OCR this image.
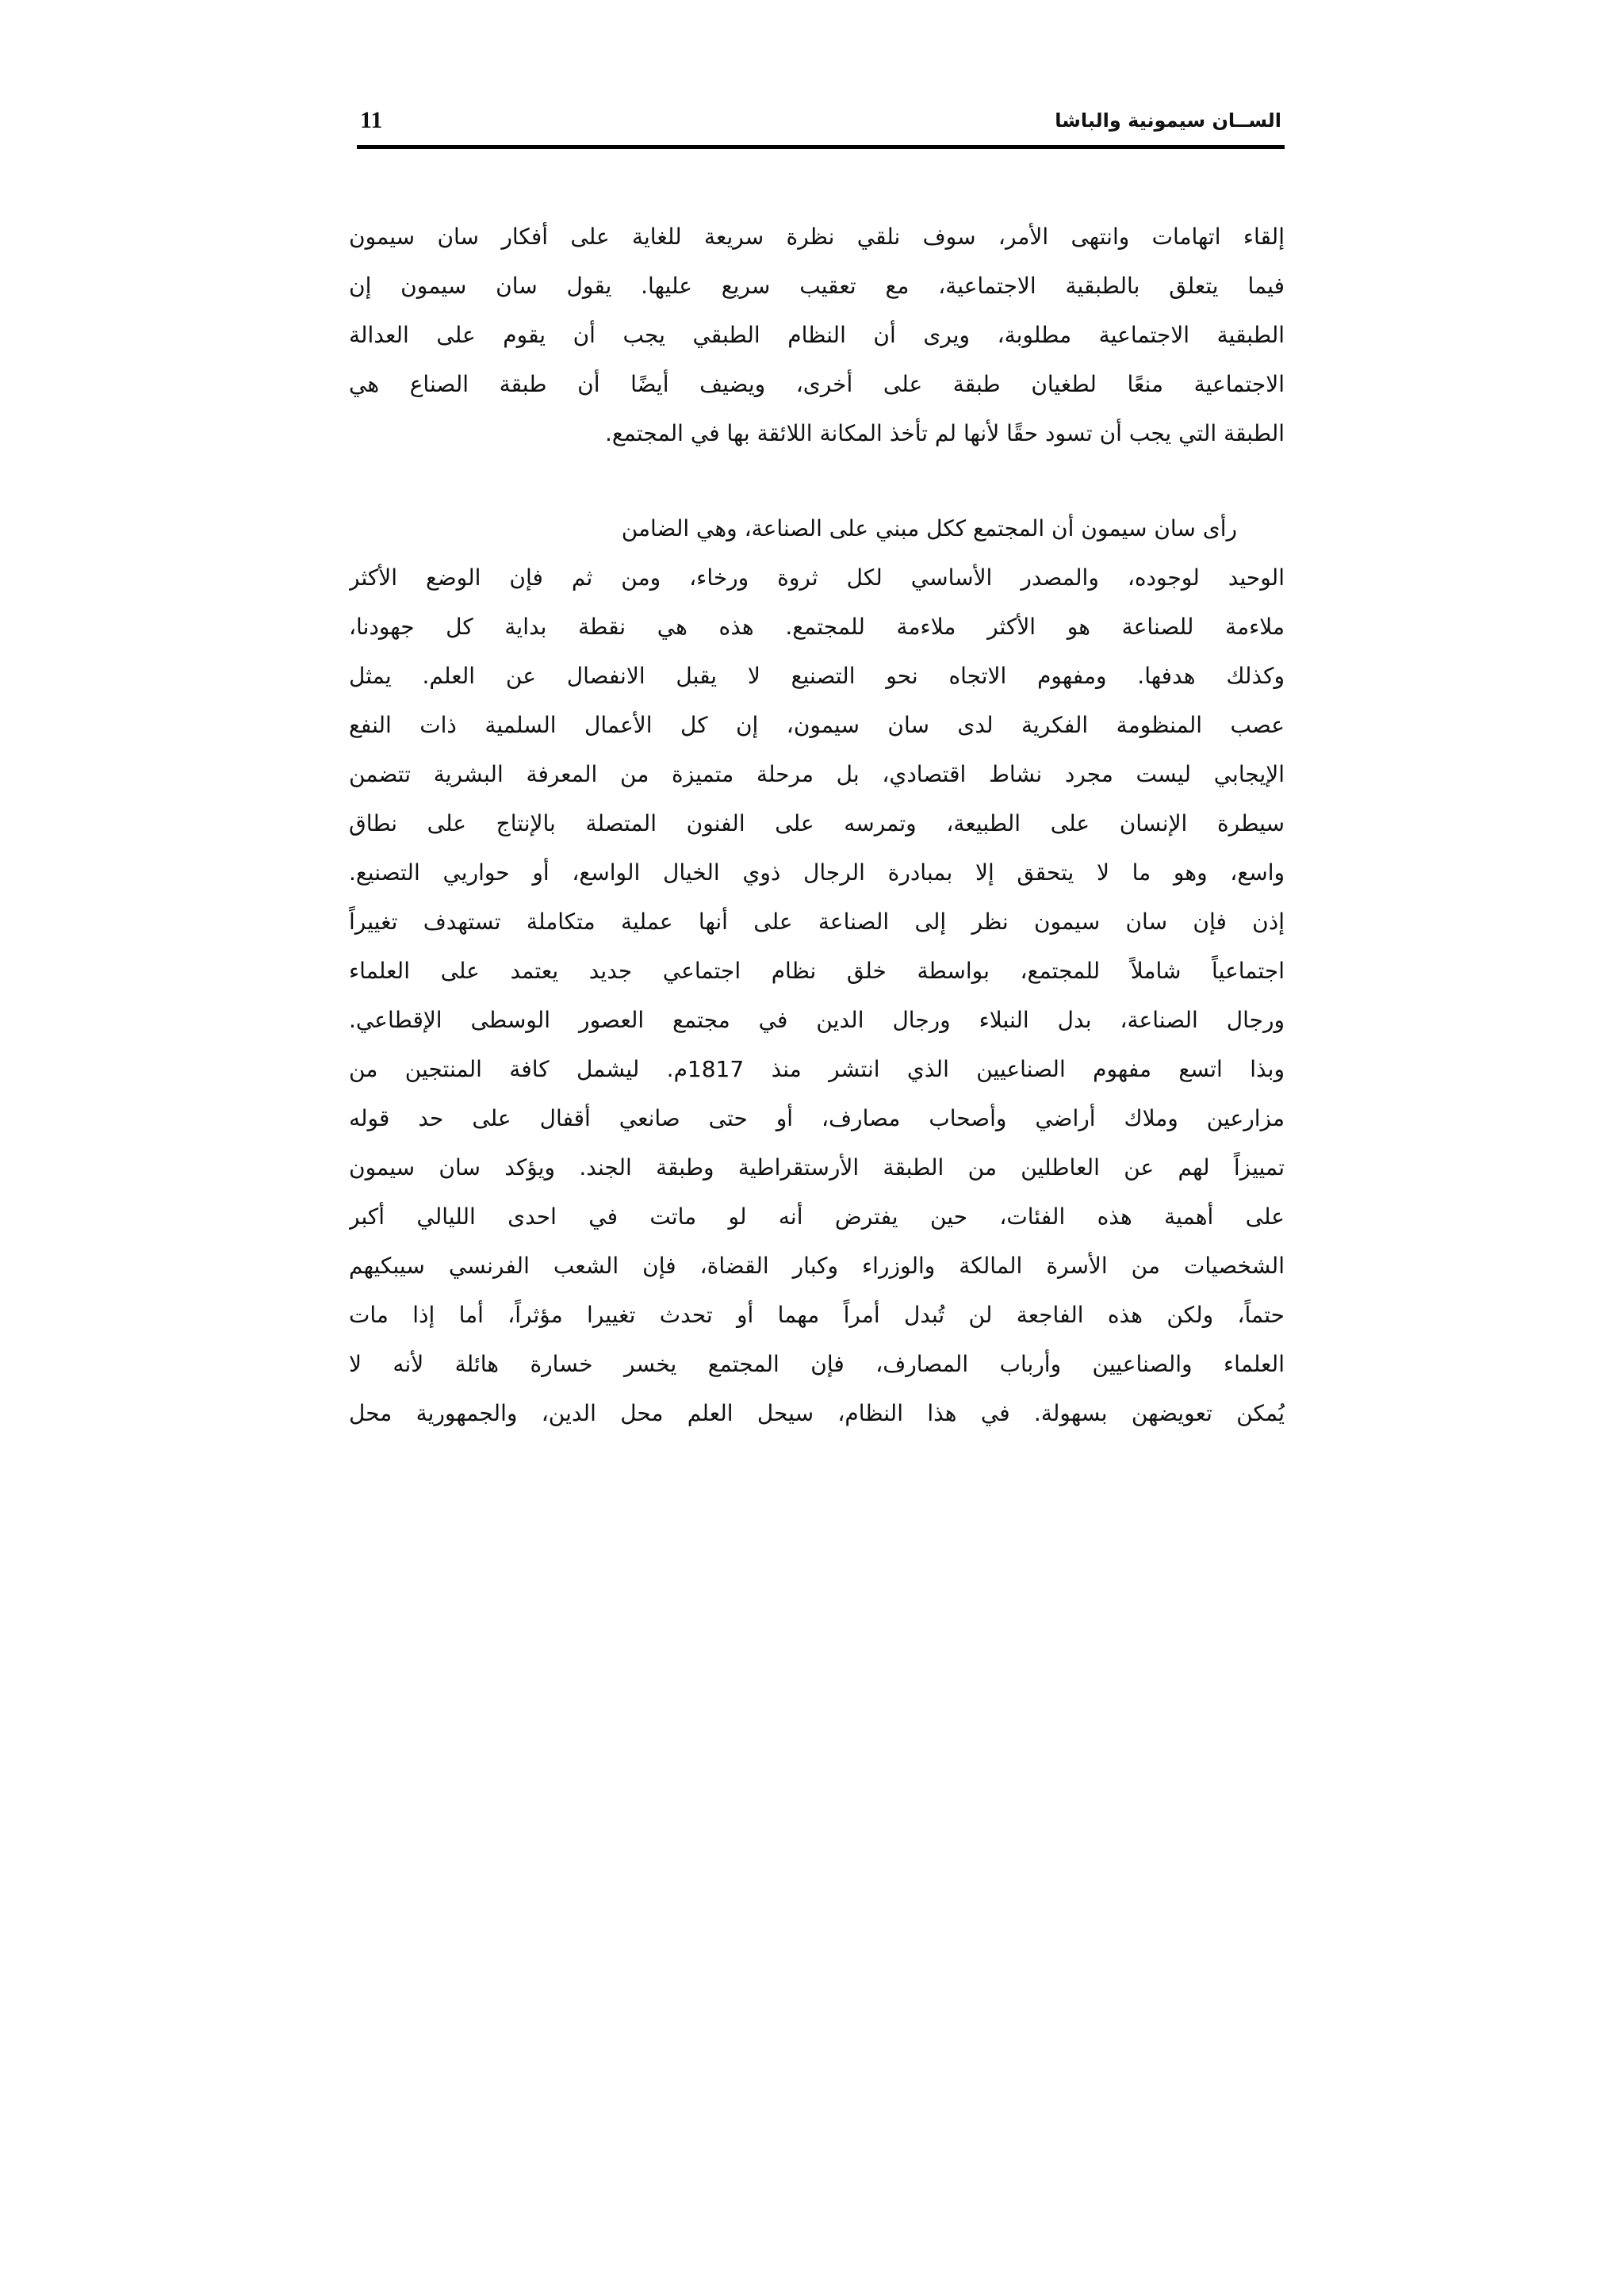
11	الســان سيموني‍ة والباشا
إلقاء اتهامات وانتهى الأمر، سوف نلقي نظرة سريعة للغاية على أفكار سان سيمون
فيما يتعلق بالطبقية الاجتماعية، مع تعقيب سريع عليها. يقول سان سيمون إن
الطبقية الاجتماعية مطلوبة، ويرى أن النظام الطبقي يجب أن يقوم على العدالة
الاجتماعية منعًا لطغيان طبقة على أخرى، ويضيف أيضًا أن طبقة الصناع هي
الطبقة التي يجب أن تسود حقًا لأنها لم تأخذ المكانة اللائقة بها في المجتمع.
رأى سان سيمون أن المجتمع ككل مبني على الصناعة، وهي الضامن
الوحيد لوجوده، والمصدر الأساسي لكل ثروة ورخاء، ومن ثم فإن الوضع الأكثر
ملاءمة للصناعة هو الأكثر ملاءمة للمجتمع. هذه هي نقطة بداية كل جهودنا،
وكذلك هدفها. ومفهوم الاتجاه نحو التصنيع لا يقبل الانفصال عن العلم. يمثل
عصب المنظومة الفكرية لدى سان سيمون، إن كل الأعمال السلمية ذات النفع
الإيجابي ليست مجرد نشاط اقتصادي، بل مرحلة متميزة من المعرفة البشرية تتضمن
سيطرة الإنسان على الطبيعة، وتمرسه على الفنون المتصلة بالإنتاج على نطاق
واسع، وهو ما لا يتحقق إلا بمبادرة الرجال ذوي الخيال الواسع، أو حواريي التصنيع.
إذن فإن سان سيمون نظر إلى الصناعة على أنها عملية متكاملة تستهدف تغييراً
اجتماعياً شاملاً للمجتمع، بواسطة خلق نظام اجتماعي جديد يعتمد على العلماء
ورجال الصناعة، بدل النبلاء ورجال الدين في مجتمع العصور الوسطى الإقطاعي.
وبذا اتسع مفهوم الصناعيين الذي انتشر منذ 1817م. ليشمل كافة المنتجين من
مزارعين وملاك أراضي وأصحاب مصارف، أو حتى صانعي أقفال على حد قوله
تمييزاً لهم عن العاطلين من الطبقة الأرستقراطية وطبقة الجند. ويؤكد سان سيمون
على أهمية هذه الفئات، حين يفترض أنه لو ماتت في احدى الليالي أكبر
الشخصيات من الأسرة المالكة والوزراء وكبار القضاة، فإن الشعب الفرنسي سيبكيهم
حتماً، ولكن هذه الفاجعة لن تُبدل أمراً مهما أو تحدث تغييرا مؤثراً، أما إذا مات
العلماء والصناعيين وأرباب المصارف، فإن المجتمع يخسر خسارة هائلة لأنه لا
يُمكن تعويضهن بسهولة. في هذا النظام، سيحل العلم محل الدين، والجمهورية محل
